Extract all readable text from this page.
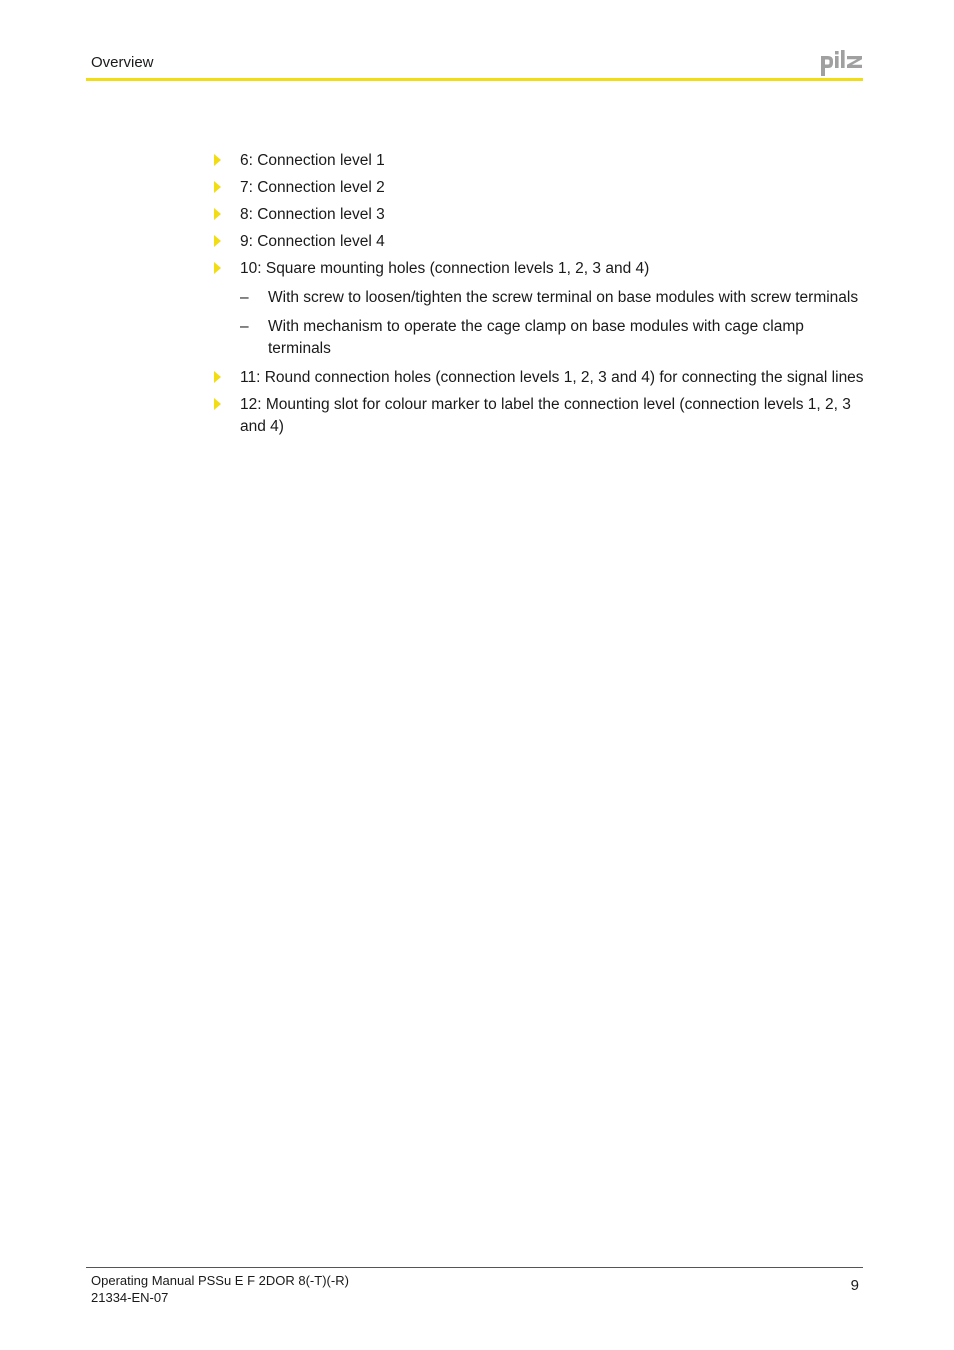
Overview
6: Connection level 1
7: Connection level 2
8: Connection level 3
9: Connection level 4
10: Square mounting holes (connection levels 1, 2, 3 and 4)
– With screw to loosen/tighten the screw terminal on base modules with screw terminals
– With mechanism to operate the cage clamp on base modules with cage clamp terminals
11: Round connection holes (connection levels 1, 2, 3 and 4) for connecting the signal lines
12: Mounting slot for colour marker to label the connection level (connection levels 1, 2, 3 and 4)
Operating Manual PSSu E F 2DOR 8(-T)(-R)
21334-EN-07
9
